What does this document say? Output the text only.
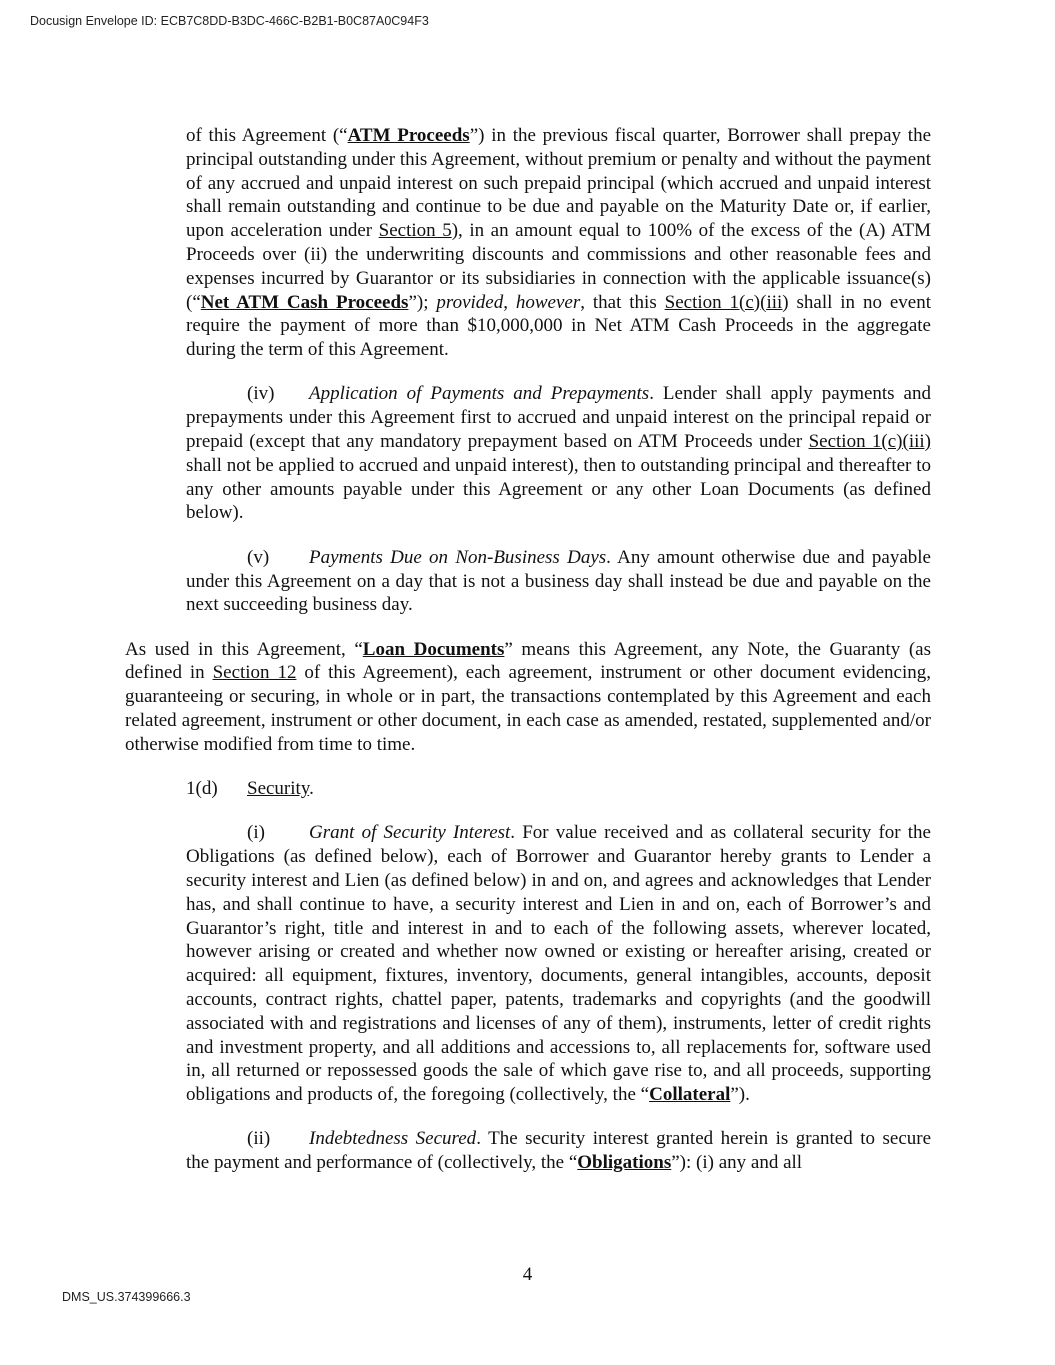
Docusign Envelope ID: ECB7C8DD-B3DC-466C-B2B1-B0C87A0C94F3

of this Agreement (“ATM Proceeds”) in the previous fiscal quarter, Borrower shall prepay the principal outstanding under this Agreement, without premium or penalty and without the payment of any accrued and unpaid interest on such prepaid principal (which accrued and unpaid interest shall remain outstanding and continue to be due and payable on the Maturity Date or, if earlier, upon acceleration under Section 5), in an amount equal to 100% of the excess of the (A) ATM Proceeds over (ii) the underwriting discounts and commissions and other reasonable fees and expenses incurred by Guarantor or its subsidiaries in connection with the applicable issuance(s) (“Net ATM Cash Proceeds”); provided, however, that this Section 1(c)(iii) shall in no event require the payment of more than $10,000,000 in Net ATM Cash Proceeds in the aggregate during the term of this Agreement.

(iv) Application of Payments and Prepayments. Lender shall apply payments and prepayments under this Agreement first to accrued and unpaid interest on the principal repaid or prepaid (except that any mandatory prepayment based on ATM Proceeds under Section 1(c)(iii) shall not be applied to accrued and unpaid interest), then to outstanding principal and thereafter to any other amounts payable under this Agreement or any other Loan Documents (as defined below).

(v) Payments Due on Non-Business Days. Any amount otherwise due and payable under this Agreement on a day that is not a business day shall instead be due and payable on the next succeeding business day.

As used in this Agreement, “Loan Documents” means this Agreement, any Note, the Guaranty (as defined in Section 12 of this Agreement), each agreement, instrument or other document evidencing, guaranteeing or securing, in whole or in part, the transactions contemplated by this Agreement and each related agreement, instrument or other document, in each case as amended, restated, supplemented and/or otherwise modified from time to time.

1(d) Security.

(i) Grant of Security Interest. For value received and as collateral security for the Obligations (as defined below), each of Borrower and Guarantor hereby grants to Lender a security interest and Lien (as defined below) in and on, and agrees and acknowledges that Lender has, and shall continue to have, a security interest and Lien in and on, each of Borrower’s and Guarantor’s right, title and interest in and to each of the following assets, wherever located, however arising or created and whether now owned or existing or hereafter arising, created or acquired: all equipment, fixtures, inventory, documents, general intangibles, accounts, deposit accounts, contract rights, chattel paper, patents, trademarks and copyrights (and the goodwill associated with and registrations and licenses of any of them), instruments, letter of credit rights and investment property, and all additions and accessions to, all replacements for, software used in, all returned or repossessed goods the sale of which gave rise to, and all proceeds, supporting obligations and products of, the foregoing (collectively, the “Collateral”).

(ii) Indebtedness Secured. The security interest granted herein is granted to secure the payment and performance of (collectively, the “Obligations”): (i) any and all

4
DMS_US.374399666.3
